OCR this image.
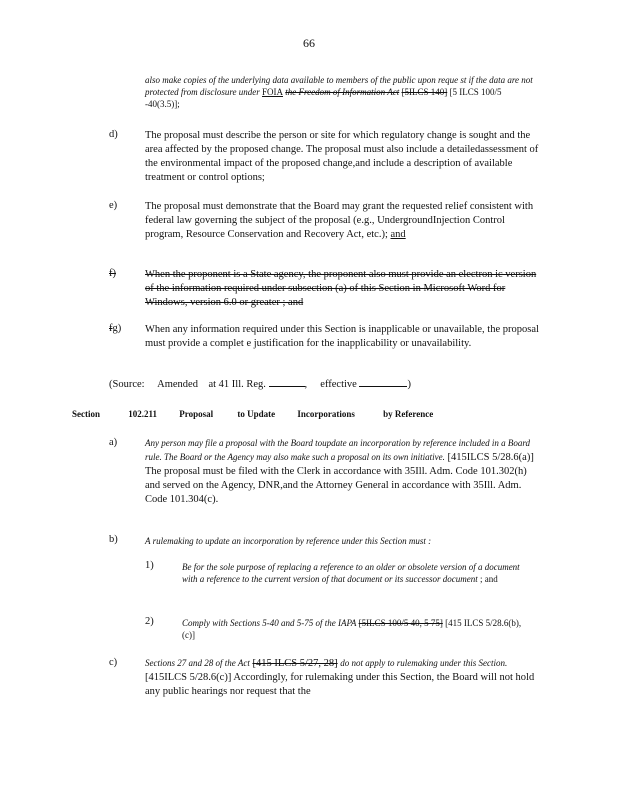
66
also make copies of the underlying data available to members of the public upon reque st if the data are not protected from disclosure under FOIA the Freedom of Information Act [5ILCS 140] [5 ILCS 100/5 -40(3.5)];
d)	The proposal must describe the person or site for which regulatory change is sought and the area affected by the proposed change. The proposal must also include a detailedassessment of the environmental impact of the proposed change,and include a description of available treatment or control options;
e)	The proposal must demonstrate that the Board may grant the requested relief consistent with federal law governing the subject of the proposal (e.g., UndergroundInjection Control program, Resource Conservation and Recovery Act, etc.); and
f)	When the proponent is a State agency, the proponent also must provide an electron ic version of the information required under subsection (a) of this Section in Microsoft Word for Windows, version 6.0 or greater ; and
fg) When any information required under this Section is inapplicable or unavailable, the proposal must provide a complet e justification for the inapplicability or unavailability.
(Source: Amended at 41 Ill. Reg.	, effective	)
Section	102.211 Proposal	to Update Incorporations	by Reference
a)	Any person may file a proposal with the Board toupdate an incorporation by reference included in a Board rule. The Board or the Agency may also make such a proposal on its own initiative. [415ILCS 5/28.6(a)] The proposal must be filed with the Clerk in accordance with 35Ill. Adm. Code 101.302(h) and served on the Agency, DNR,and the Attorney General in accordance with 35Ill. Adm. Code 101.304(c).
b)	A rulemaking to update an incorporation by reference under this Section must :
1)	Be for the sole purpose of replacing a reference to an older or obsolete version of a document with a reference to the current version of that document or its successor document ; and
2)	Comply with Sections 5-40 and 5-75 of the IAPA [5ILCS 100/5 40, 5 75] [415 ILCS 5/28.6(b), (c)]
c)	Sections 27 and 28 of the Act [415 ILCS 5/27, 28] do not apply to rulemaking under this Section. [415ILCS 5/28.6(c)] Accordingly, for rulemaking under this Section, the Board will not hold any public hearings nor request that the
